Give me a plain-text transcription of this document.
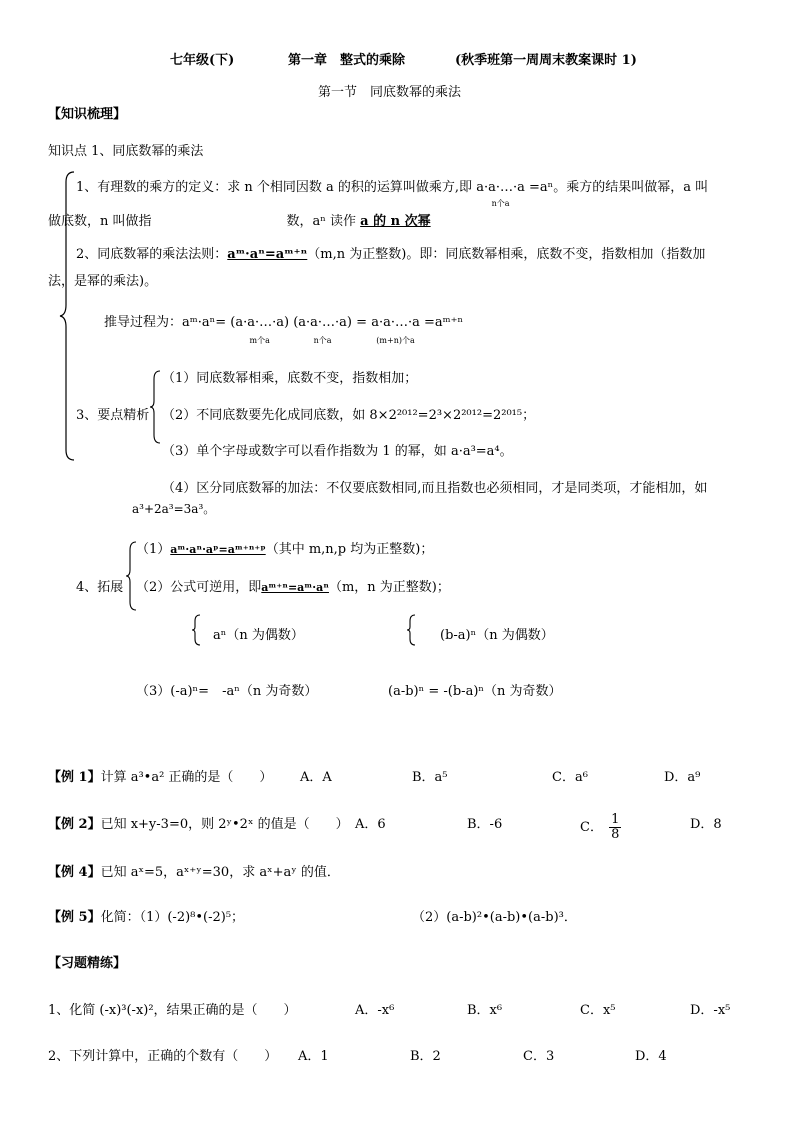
七年级(下)	第一章　整式的乘除	(秋季班第一周周末教案课时 1)
第一节　同底数幂的乘法
【知识梳理】
知识点 1、同底数幂的乘法
1、有理数的乘方的定义：求 n 个相同因数 a 的积的运算叫做乘方,即 a·a·…·a
n个a
=aⁿ。乘方的结果叫做幂，a 叫
做底数，n 叫做指	数，aⁿ 读作 a 的 n 次幂
2、同底数幂的乘法法则：aᵐ·aⁿ=aᵐ⁺ⁿ（m,n 为正整数)。即：同底数幂相乘，底数不变，指数相加（指数加
法，是幂的乘法)。
推导过程为：aᵐ·aⁿ= (a·a·…·a)
m个a
(a·a·…·a)
n个a
= a·a·…·a
(m+n)个a
=aᵐ⁺ⁿ
3、要点精析
（1）同底数幂相乘，底数不变，指数相加；
（2）不同底数要先化成同底数，如 8×2²⁰¹²=2³×2²⁰¹²=2²⁰¹⁵；
（3）单个字母或数字可以看作指数为 1 的幂，如 a·a³=a⁴。
（4）区分同底数幂的加法：不仅要底数相同,而且指数也必须相同，才是同类项，才能相加，如
a³+2a³=3a³。
4、拓展
（1）aᵐ·aⁿ·aᵖ=aᵐ⁺ⁿ⁺ᵖ（其中 m,n,p 均为正整数)；
（2）公式可逆用，即aᵐ⁺ⁿ=aᵐ·aⁿ（m，n 为正整数)；
aⁿ（n 为偶数）	(b-a)ⁿ（n 为偶数）
（3）(-a)ⁿ=　-aⁿ（n 为奇数）	(a-b)ⁿ = -(b-a)ⁿ（n 为奇数）
【例 1】计算 a³•a² 正确的是（　　） A．A	B．a⁵	C．a⁶	D．a⁹
【例 2】已知 x+y-3=0，则 2ʸ•2ˣ 的值是（　　） A．6	B．-6	C． $\frac{1}{8}$	D．8
【例 4】已知 aˣ=5，aˣ⁺ʸ=30，求 aˣ+aʸ 的值．
【例 5】化简：（1）(-2)⁸•(-2)⁵；	（2）(a-b)²•(a-b)•(a-b)³．
【习题精练】
1、化简 (-x)³(-x)²，结果正确的是（　　）	A．-x⁶	B．x⁶	C．x⁵	D．-x⁵
2、下列计算中，正确的个数有（　　） A．1	B．2	C．3	D．4
